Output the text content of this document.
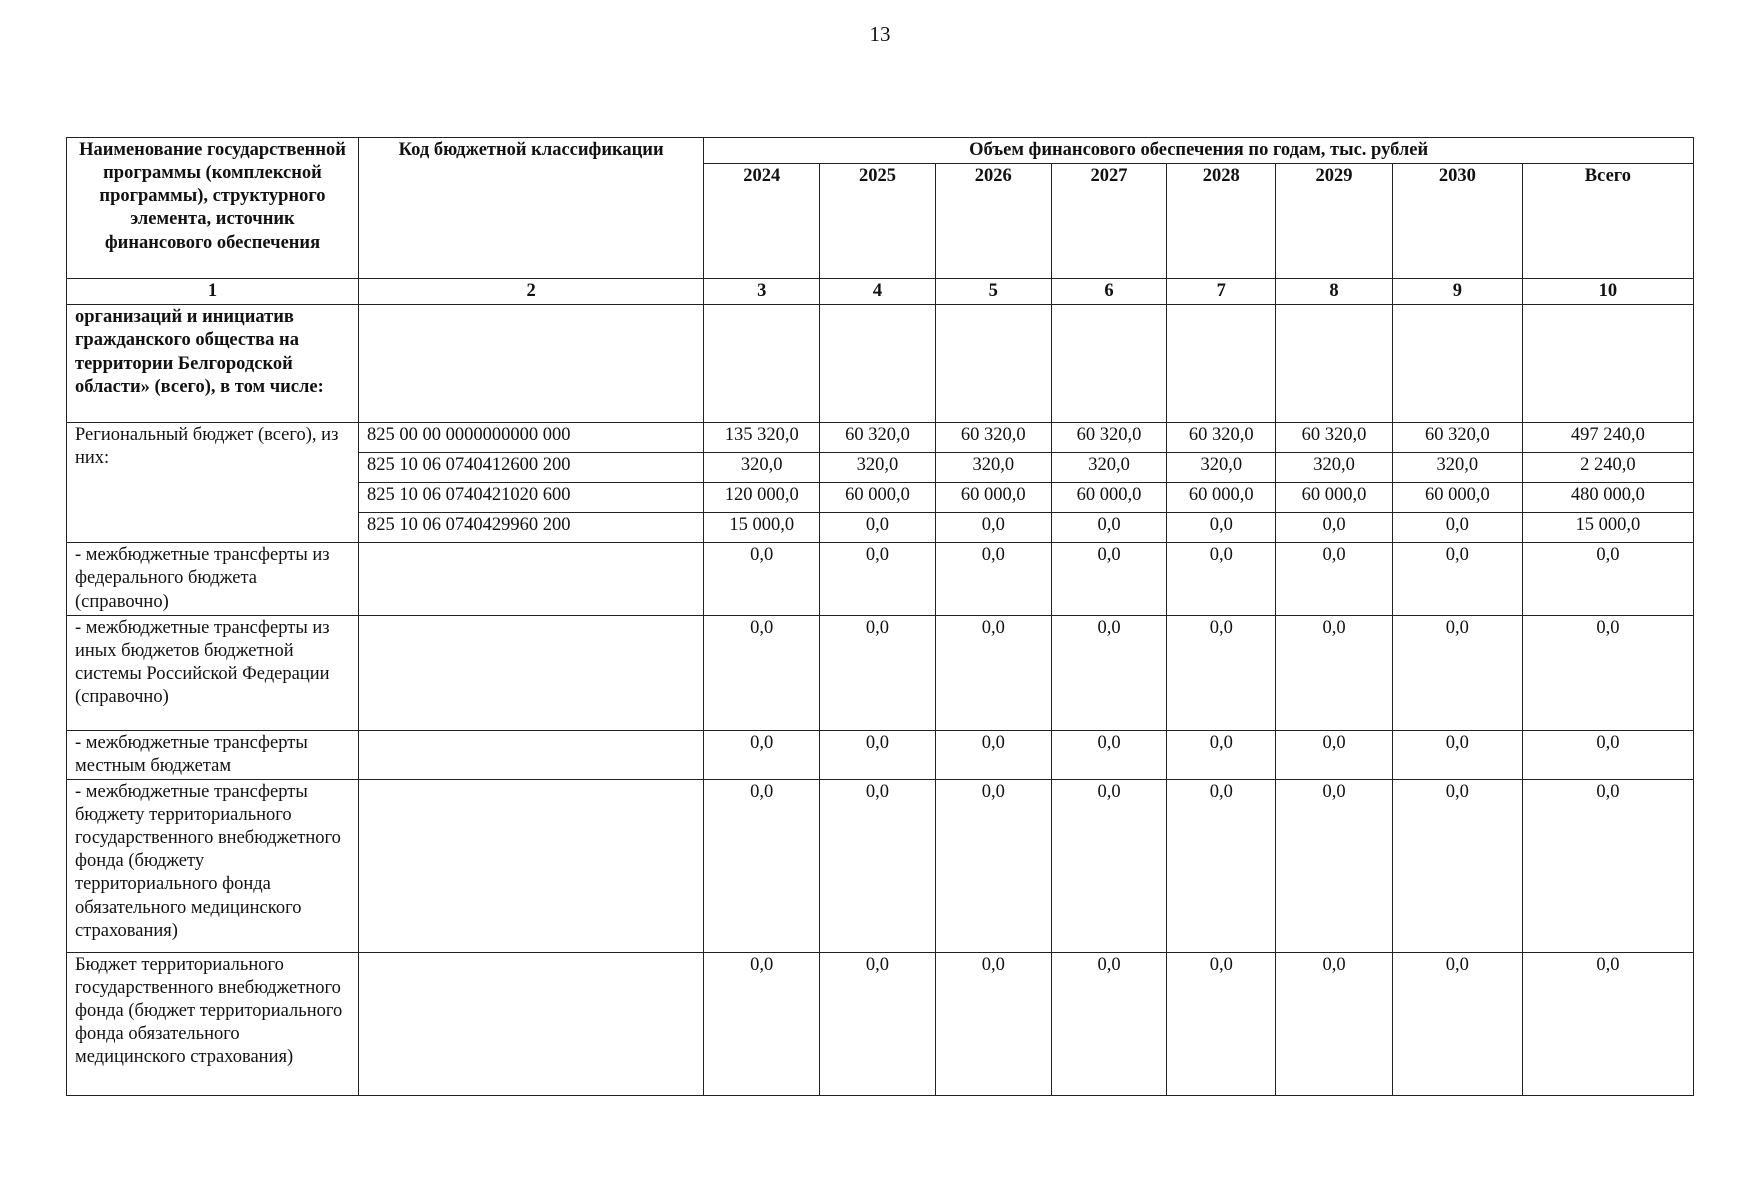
13
Наименование государственной программы (комплексной программы), структурного элемента, источник финансового обеспечения	Код бюджетной классификации	Объем финансового обеспечения по годам, тыс. рублей							
		2024	2025	2026	2027	2028	2029	2030	Всего
1	2	3	4	5	6	7	8	9	10
организаций и инициатив гражданского общества на территории Белгородской области» (всего), в том числе:									
Региональный бюджет (всего), из них:	825 00 00 0000000000 000	135 320,0	60 320,0	60 320,0	60 320,0	60 320,0	60 320,0	60 320,0	497 240,0
	825 10 06 0740412600 200	320,0	320,0	320,0	320,0	320,0	320,0	320,0	2 240,0
	825 10 06 0740421020 600	120 000,0	60 000,0	60 000,0	60 000,0	60 000,0	60 000,0	60 000,0	480 000,0
	825 10 06 0740429960 200	15 000,0	0,0	0,0	0,0	0,0	0,0	0,0	15 000,0
- межбюджетные трансферты из федерального бюджета (справочно)		0,0	0,0	0,0	0,0	0,0	0,0	0,0	0,0
- межбюджетные трансферты из иных бюджетов бюджетной системы Российской Федерации (справочно)		0,0	0,0	0,0	0,0	0,0	0,0	0,0	0,0
- межбюджетные трансферты местным бюджетам		0,0	0,0	0,0	0,0	0,0	0,0	0,0	0,0
- межбюджетные трансферты бюджету территориального государственного внебюджетного фонда (бюджету территориального фонда обязательного медицинского страхования)		0,0	0,0	0,0	0,0	0,0	0,0	0,0	0,0
Бюджет территориального государственного внебюджетного фонда (бюджет территориального фонда обязательного медицинского страхования)		0,0	0,0	0,0	0,0	0,0	0,0	0,0	0,0
